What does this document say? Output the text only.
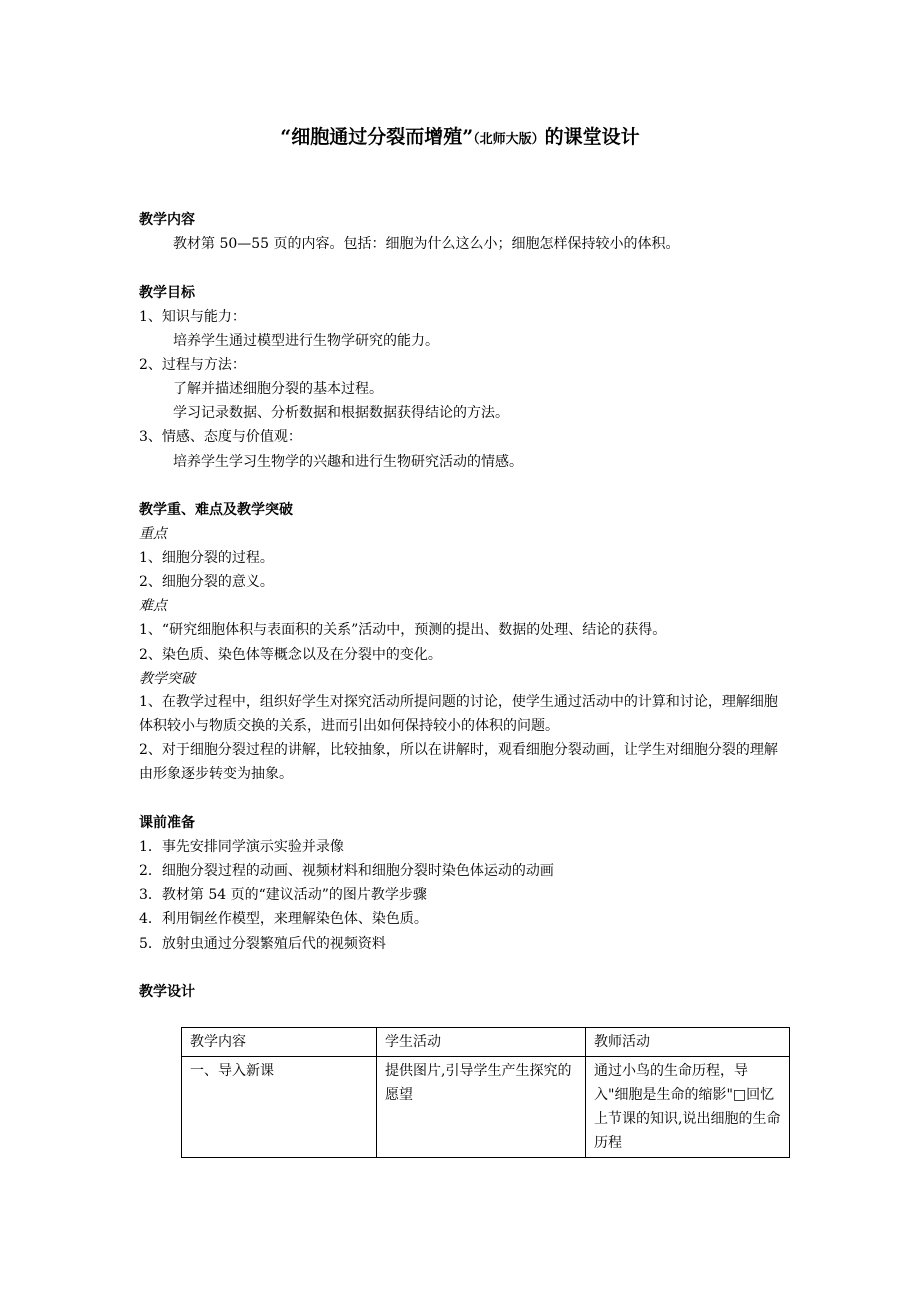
“细胞通过分裂而增殖”（北师大版）的课堂设计
教学内容
教材第 50—55 页的内容。包括：细胞为什么这么小；细胞怎样保持较小的体积。
教学目标
1、知识与能力：
培养学生通过模型进行生物学研究的能力。
2、过程与方法：
了解并描述细胞分裂的基本过程。
学习记录数据、分析数据和根据数据获得结论的方法。
3、情感、态度与价值观：
培养学生学习生物学的兴趣和进行生物研究活动的情感。
教学重、难点及教学突破
重点
1、细胞分裂的过程。
2、细胞分裂的意义。
难点
1、“研究细胞体积与表面积的关系”活动中，预测的提出、数据的处理、结论的获得。
2、染色质、染色体等概念以及在分裂中的变化。
教学突破
1、在教学过程中，组织好学生对探究活动所提问题的讨论，使学生通过活动中的计算和讨论，理解细胞体积较小与物质交换的关系，进而引出如何保持较小的体积的问题。
2、对于细胞分裂过程的讲解，比较抽象，所以在讲解时，观看细胞分裂动画，让学生对细胞分裂的理解由形象逐步转变为抽象。
课前准备
1．事先安排同学演示实验并录像
2．细胞分裂过程的动画、视频材料和细胞分裂时染色体运动的动画
3．教材第 54 页的“建议活动”的图片教学步骤
4．利用铜丝作模型，来理解染色体、染色质。
5．放射虫通过分裂繁殖后代的视频资料
教学设计
教学内容	学生活动	教师活动
一、导入新课	提供图片,引导学生产生探究的愿望	通过小鸟的生命历程，导入"细胞是生命的缩影"□回忆上节课的知识,说出细胞的生命历程
